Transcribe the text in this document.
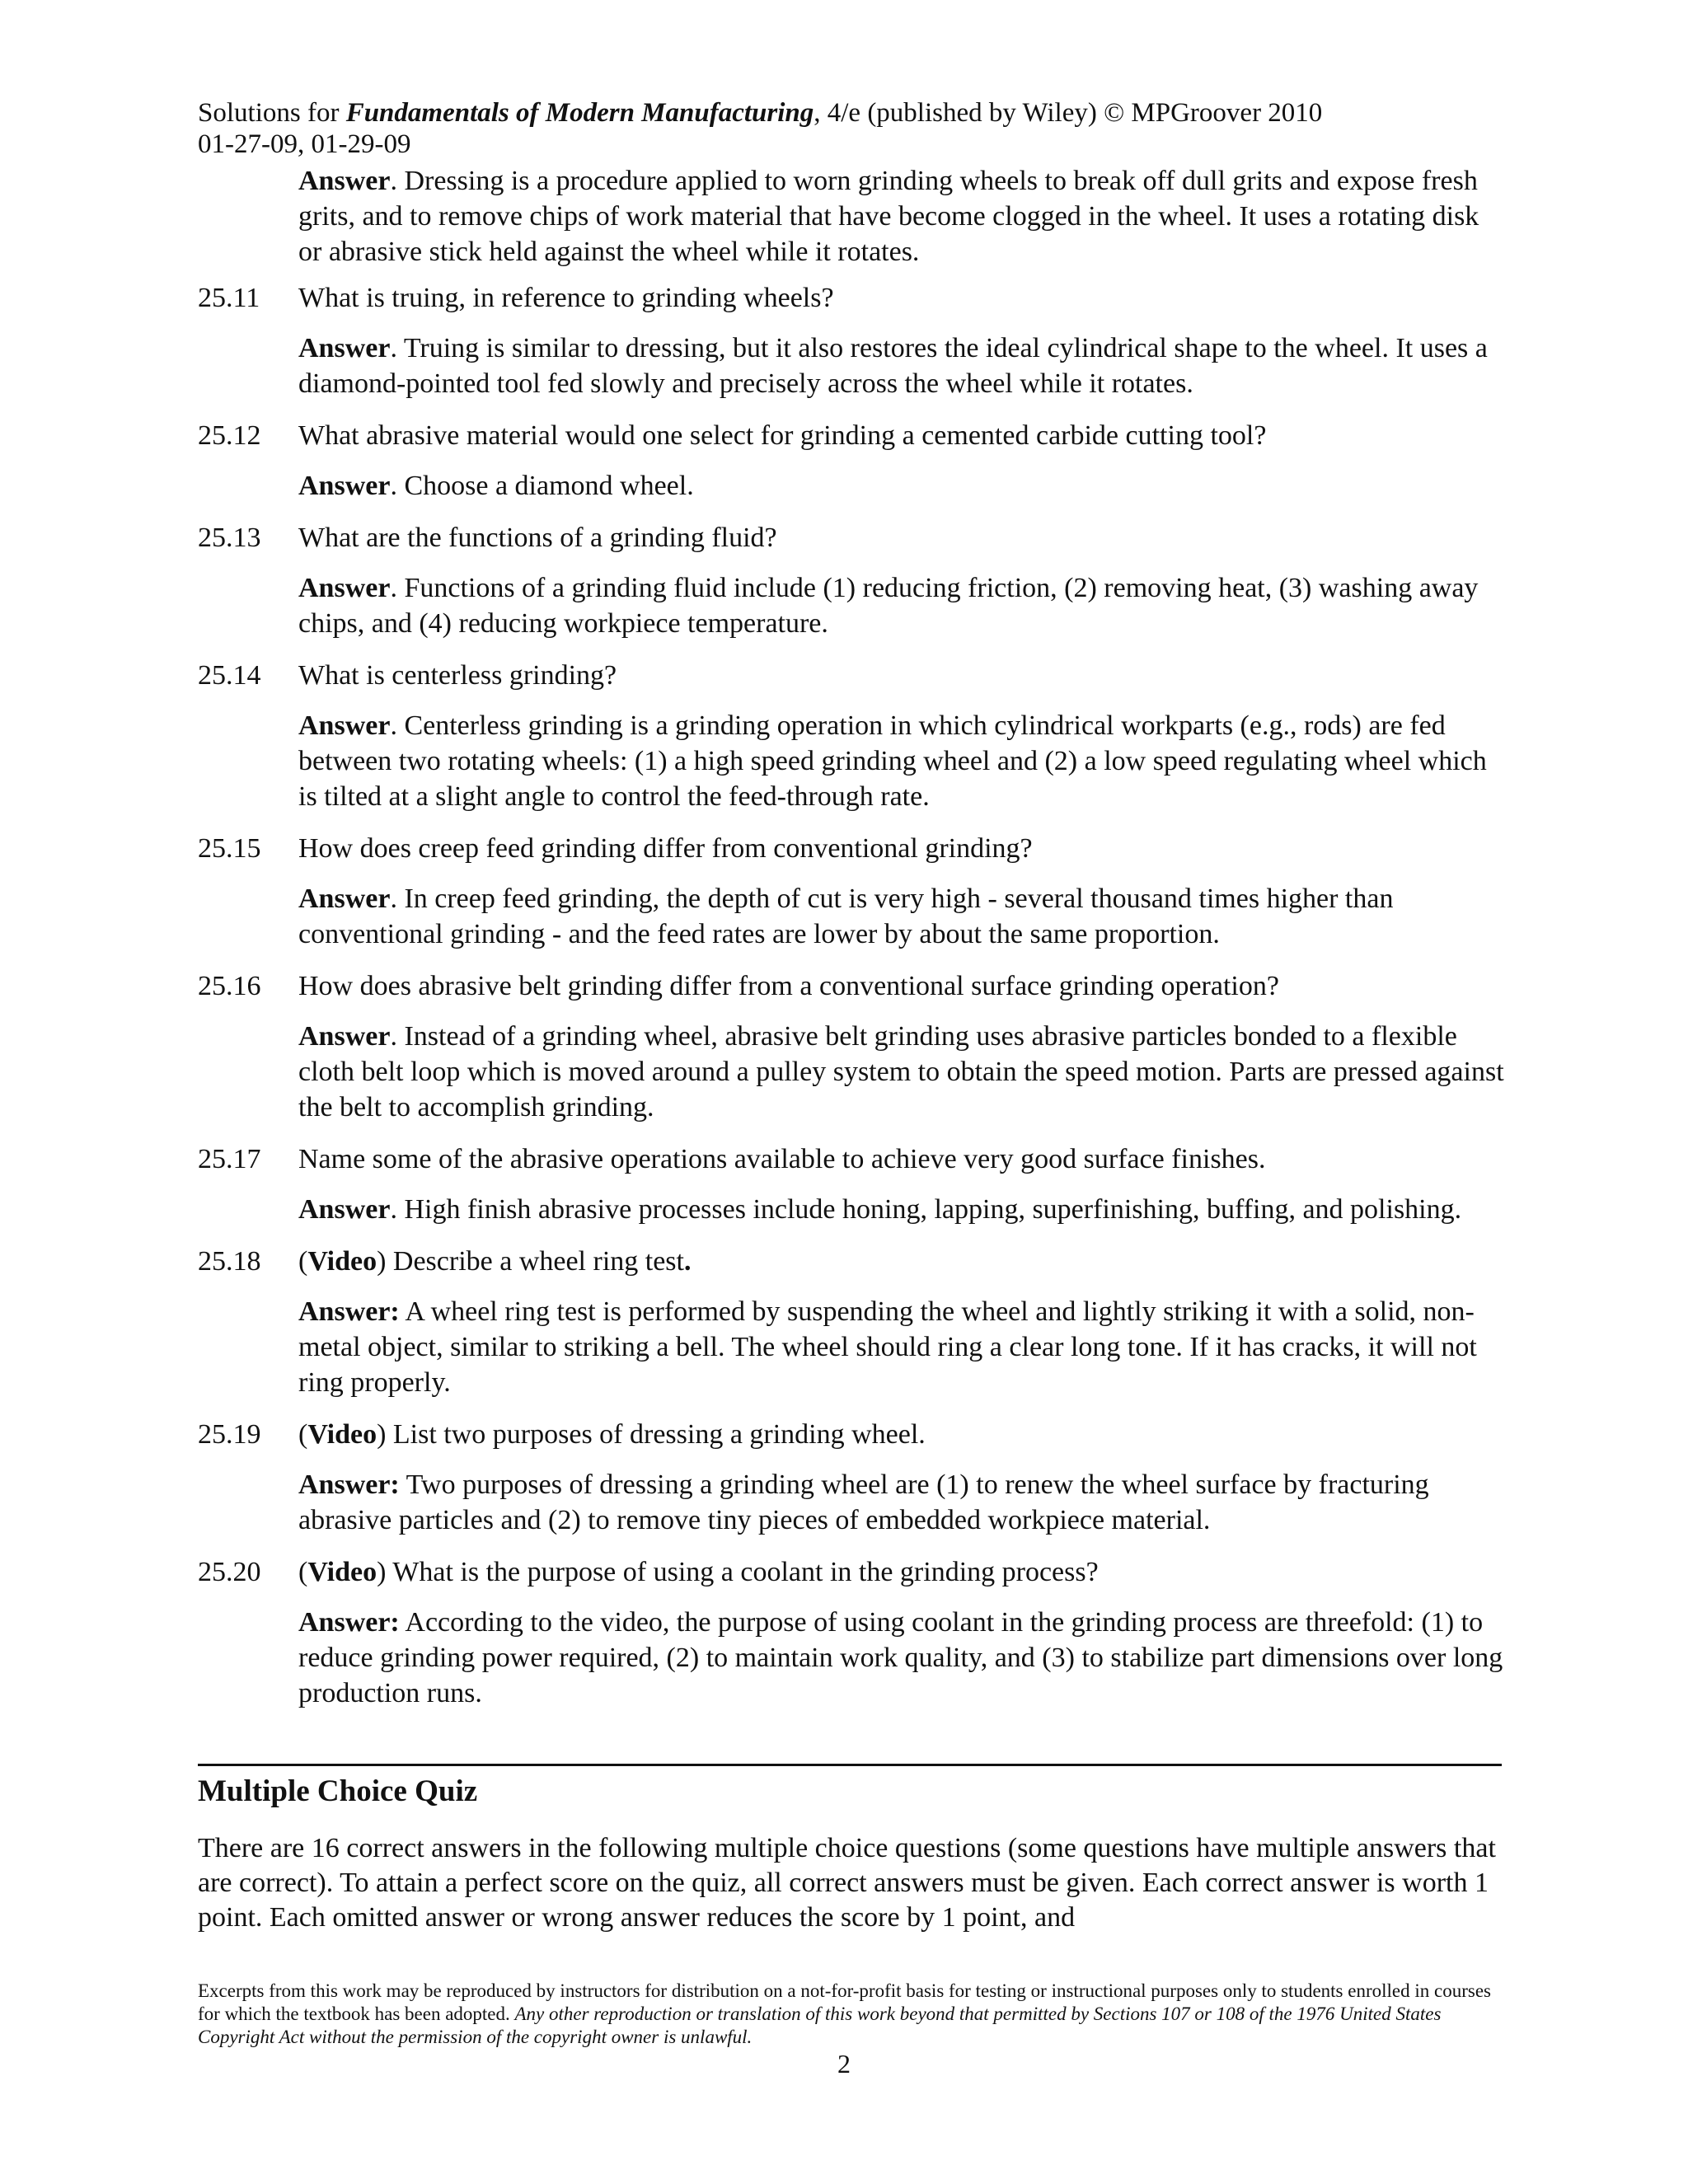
Solutions for Fundamentals of Modern Manufacturing, 4/e (published by Wiley) © MPGroover 2010
01-27-09, 01-29-09
Answer. Dressing is a procedure applied to worn grinding wheels to break off dull grits and expose fresh grits, and to remove chips of work material that have become clogged in the wheel. It uses a rotating disk or abrasive stick held against the wheel while it rotates.
25.11	What is truing, in reference to grinding wheels?
Answer. Truing is similar to dressing, but it also restores the ideal cylindrical shape to the wheel. It uses a diamond-pointed tool fed slowly and precisely across the wheel while it rotates.
25.12	What abrasive material would one select for grinding a cemented carbide cutting tool?
Answer. Choose a diamond wheel.
25.13	What are the functions of a grinding fluid?
Answer. Functions of a grinding fluid include (1) reducing friction, (2) removing heat, (3) washing away chips, and (4) reducing workpiece temperature.
25.14	What is centerless grinding?
Answer. Centerless grinding is a grinding operation in which cylindrical workparts (e.g., rods) are fed between two rotating wheels: (1) a high speed grinding wheel and (2) a low speed regulating wheel which is tilted at a slight angle to control the feed-through rate.
25.15	How does creep feed grinding differ from conventional grinding?
Answer. In creep feed grinding, the depth of cut is very high - several thousand times higher than conventional grinding - and the feed rates are lower by about the same proportion.
25.16	How does abrasive belt grinding differ from a conventional surface grinding operation?
Answer. Instead of a grinding wheel, abrasive belt grinding uses abrasive particles bonded to a flexible cloth belt loop which is moved around a pulley system to obtain the speed motion. Parts are pressed against the belt to accomplish grinding.
25.17	Name some of the abrasive operations available to achieve very good surface finishes.
Answer. High finish abrasive processes include honing, lapping, superfinishing, buffing, and polishing.
25.18	(Video) Describe a wheel ring test.
Answer: A wheel ring test is performed by suspending the wheel and lightly striking it with a solid, non-metal object, similar to striking a bell. The wheel should ring a clear long tone. If it has cracks, it will not ring properly.
25.19	(Video) List two purposes of dressing a grinding wheel.
Answer: Two purposes of dressing a grinding wheel are (1) to renew the wheel surface by fracturing abrasive particles and (2) to remove tiny pieces of embedded workpiece material.
25.20	(Video) What is the purpose of using a coolant in the grinding process?
Answer: According to the video, the purpose of using coolant in the grinding process are threefold: (1) to reduce grinding power required, (2) to maintain work quality, and (3) to stabilize part dimensions over long production runs.
Multiple Choice Quiz
There are 16 correct answers in the following multiple choice questions (some questions have multiple answers that are correct). To attain a perfect score on the quiz, all correct answers must be given. Each correct answer is worth 1 point. Each omitted answer or wrong answer reduces the score by 1 point, and
Excerpts from this work may be reproduced by instructors for distribution on a not-for-profit basis for testing or instructional purposes only to students enrolled in courses for which the textbook has been adopted. Any other reproduction or translation of this work beyond that permitted by Sections 107 or 108 of the 1976 United States Copyright Act without the permission of the copyright owner is unlawful.
2
